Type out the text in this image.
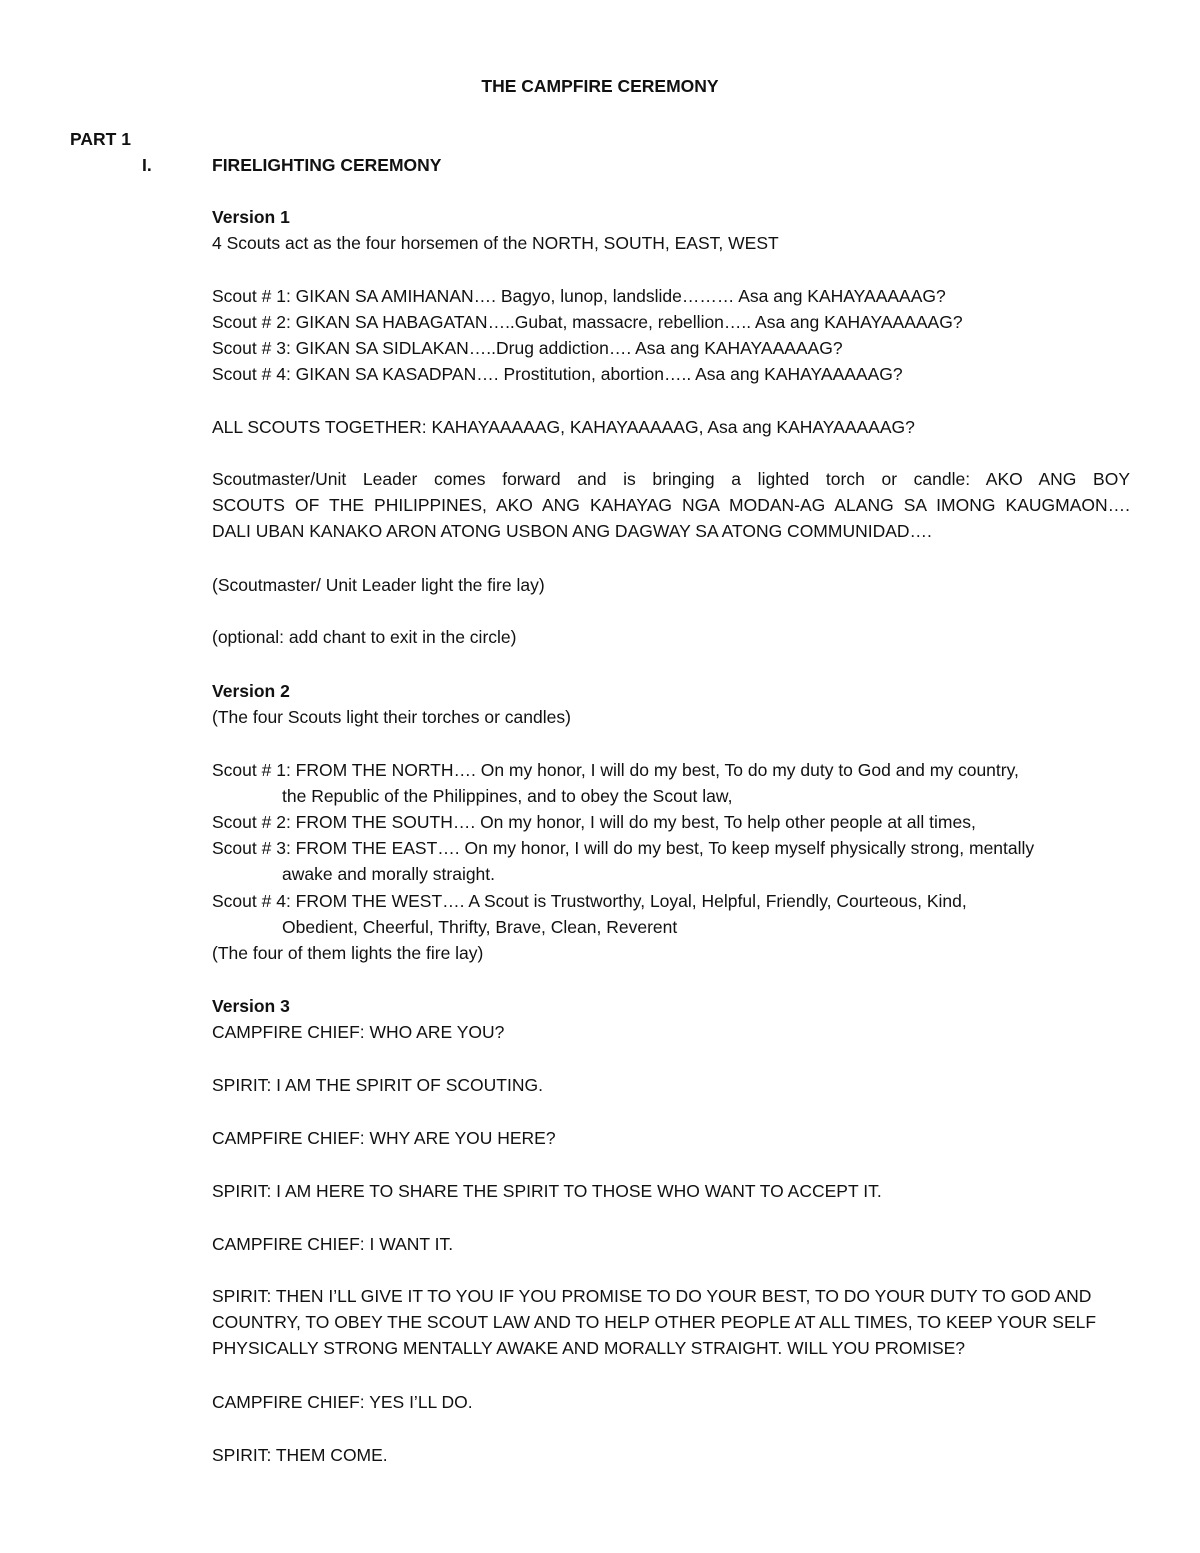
THE CAMPFIRE CEREMONY
PART 1
I.	FIRELIGHTING CEREMONY
Version 1
4 Scouts act as the four horsemen of the NORTH, SOUTH, EAST, WEST
Scout # 1: GIKAN SA AMIHANAN…. Bagyo, lunop, landslide……… Asa ang KAHAYAAAAAG?
Scout # 2: GIKAN SA HABAGATAN…..Gubat, massacre, rebellion….. Asa ang KAHAYAAAAAG?
Scout # 3: GIKAN SA SIDLAKAN…..Drug addiction…. Asa ang KAHAYAAAAAG?
Scout # 4: GIKAN SA KASADPAN…. Prostitution, abortion….. Asa ang KAHAYAAAAAG?
ALL SCOUTS TOGETHER: KAHAYAAAAAG, KAHAYAAAAAG, Asa ang KAHAYAAAAAG?
Scoutmaster/Unit Leader comes forward and is bringing a lighted torch or candle: AKO ANG BOY
SCOUTS OF THE PHILIPPINES, AKO ANG KAHAYAG NGA MODAN-AG ALANG SA IMONG KAUGMAON….
DALI UBAN KANAKO ARON ATONG USBON ANG DAGWAY SA ATONG COMMUNIDAD….
(Scoutmaster/ Unit Leader light the fire lay)
(optional: add chant to exit in the circle)
Version 2
(The four Scouts light their torches or candles)
Scout # 1: FROM THE NORTH…. On my honor, I will do my best, To do my duty to God and my country,
the Republic of the Philippines, and to obey the Scout law,
Scout # 2: FROM THE SOUTH…. On my honor, I will do my best, To help other people at all times,
Scout # 3: FROM THE EAST…. On my honor, I will do my best, To keep myself physically strong, mentally
awake and morally straight.
Scout # 4: FROM THE WEST…. A Scout is Trustworthy, Loyal, Helpful, Friendly, Courteous, Kind,
Obedient, Cheerful, Thrifty, Brave, Clean, Reverent
(The four of them lights the fire lay)
Version 3
CAMPFIRE CHIEF: WHO ARE YOU?
SPIRIT: I AM THE SPIRIT OF SCOUTING.
CAMPFIRE CHIEF: WHY ARE YOU HERE?
SPIRIT: I AM HERE TO SHARE THE SPIRIT TO THOSE WHO WANT TO ACCEPT IT.
CAMPFIRE CHIEF: I WANT IT.
SPIRIT: THEN I’LL GIVE IT TO YOU IF YOU PROMISE TO DO YOUR BEST, TO DO YOUR DUTY TO GOD AND
COUNTRY, TO OBEY THE SCOUT LAW AND TO HELP OTHER PEOPLE AT ALL TIMES, TO KEEP YOUR SELF
PHYSICALLY STRONG MENTALLY AWAKE AND MORALLY STRAIGHT. WILL YOU PROMISE?
CAMPFIRE CHIEF: YES I’LL DO.
SPIRIT: THEM COME.
